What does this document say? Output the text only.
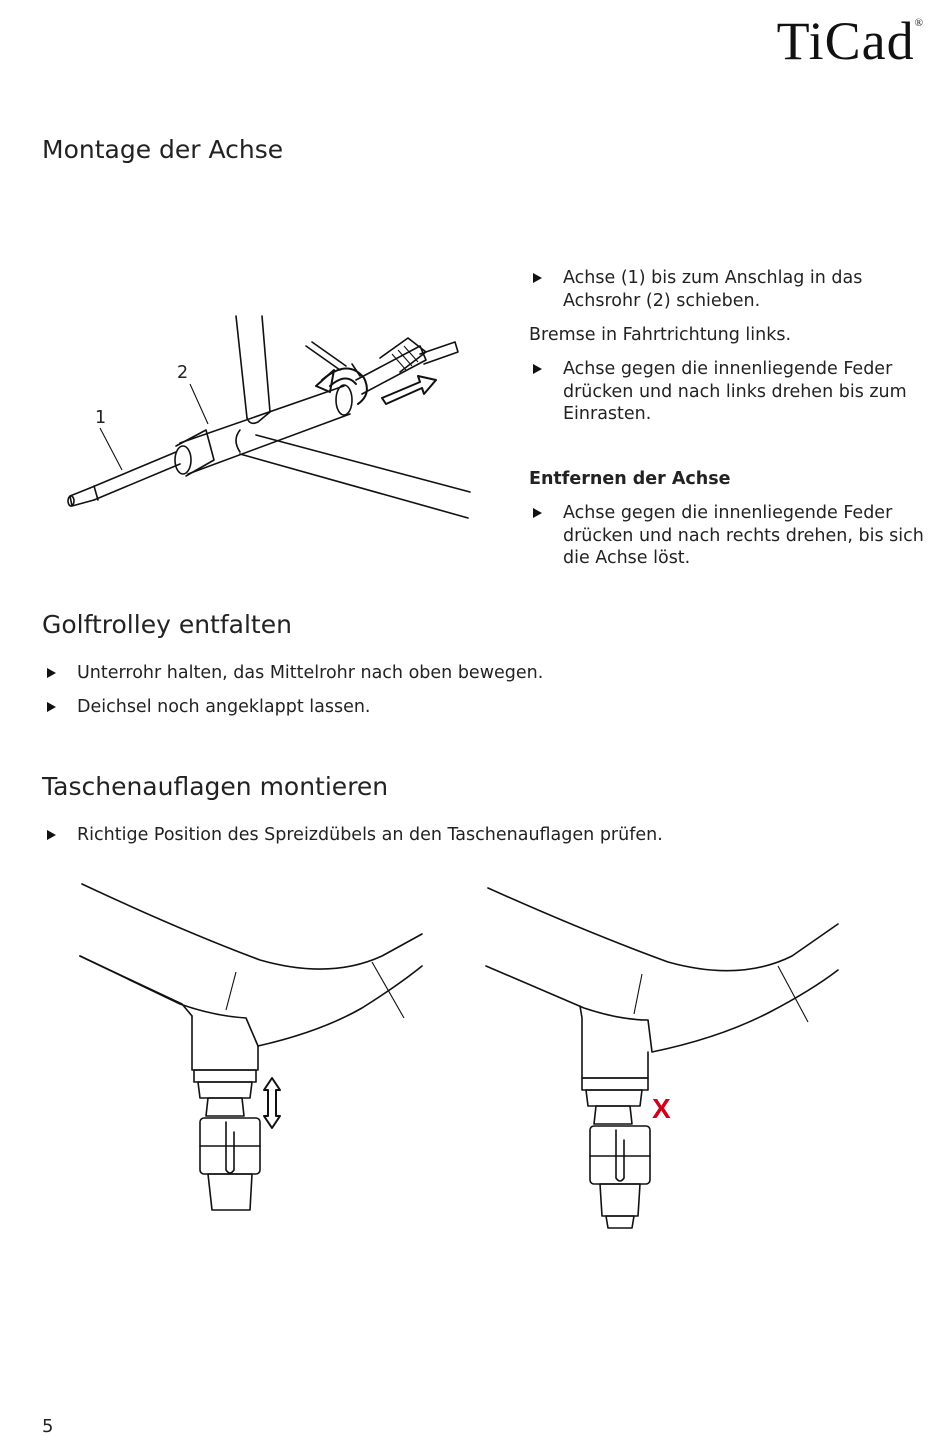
TiCad®
Montage der Achse
1
2
Achse (1) bis zum Anschlag in das Achsrohr (2) schieben.
Bremse in Fahrtrichtung links.
Achse gegen die innenliegende Feder drücken und nach links drehen bis zum Einrasten.
Entfernen der Achse
Achse gegen die innenliegende Feder drücken und nach rechts drehen, bis sich die Achse löst.
Golftrolley entfalten
Unterrohr halten, das Mittelrohr nach oben bewegen.
Deichsel noch angeklappt lassen.
Taschenauflagen montieren
Richtige Position des Spreizdübels an den Taschenauflagen prüfen.
X
5
